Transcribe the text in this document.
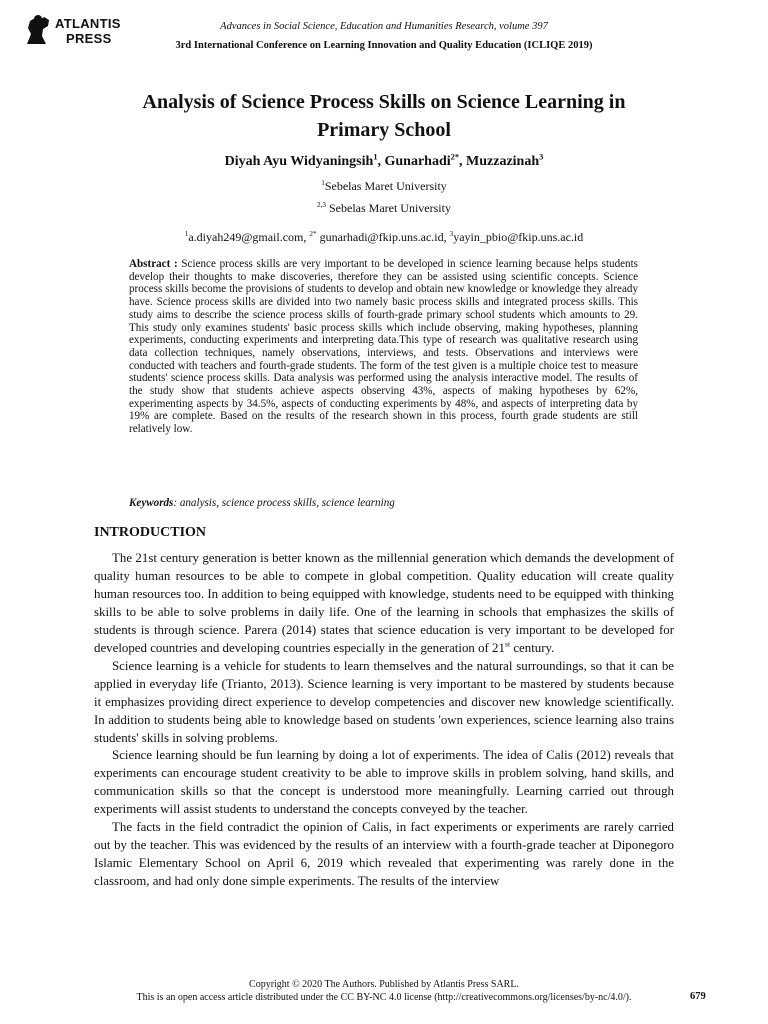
ATLANTIS
PRESS
Advances in Social Science, Education and Humanities Research, volume 397
3rd International Conference on Learning Innovation and Quality Education (ICLIQE 2019)
Analysis of Science Process Skills on Science Learning in
Primary School
Diyah Ayu Widyaningsih$^1$, Gunarhadi$^{2*}$, Muzzazinah$^3$
$^1$Sebelas Maret University
$^{2,3}$ Sebelas Maret University
$^1$a.diyah249@gmail.com, $^{2*}$ gunarhadi@fkip.uns.ac.id, $^3$yayin_pbio@fkip.uns.ac.id

Abstract : Science process skills are very important to be developed in science learning because helps students develop their thoughts to make discoveries, therefore they can be assisted using scientific concepts. Science process skills become the provisions of students to develop and obtain new knowledge or knowledge they already have. Science process skills are divided into two namely basic process skills and integrated process skills. This study aims to describe the science process skills of fourth-grade primary school students which amounts to 29. This study only examines students' basic process skills which include observing, making hypotheses, planning experiments, conducting experiments and interpreting data.This type of research was qualitative research using data collection techniques, namely observations, interviews, and tests. Observations and interviews were conducted with teachers and fourth-grade students. The form of the test given is a multiple choice test to measure students' science process skills. Data analysis was performed using the analysis interactive model. The results of the study show that students achieve aspects observing 43%, aspects of making hypotheses by 62%, experimenting aspects by 34.5%, aspects of conducting experiments by 48%, and aspects of interpreting data by 19% are complete. Based on the results of the research shown in this process, fourth grade students are still relatively low.

Keywords: analysis, science process skills, science learning
INTRODUCTION

The 21st century generation is better known as the millennial generation which demands the development of quality human resources to be able to compete in global competition. Quality education will create quality human resources too. In addition to being equipped with knowledge, students need to be equipped with thinking skills to be able to solve problems in daily life. One of the learning in schools that emphasizes the skills of students is through science. Parera (2014) states that science education is very important to be developed for developed countries and developing countries especially in the generation of 21st century.

Science learning is a vehicle for students to learn themselves and the natural surroundings, so that it can be applied in everyday life (Trianto, 2013). Science learning is very important to be mastered by students because it emphasizes providing direct experience to develop competencies and discover new knowledge scientifically. In addition to students being able to knowledge based on students 'own experiences, science learning also trains students' skills in solving problems.

Science learning should be fun learning by doing a lot of experiments. The idea of Calis (2012) reveals that experiments can encourage student creativity to be able to improve skills in problem solving, hand skills, and communication skills so that the concept is understood more meaningfully. Learning carried out through experiments will assist students to understand the concepts conveyed by the teacher.

The facts in the field contradict the opinion of Calis, in fact experiments or experiments are rarely carried out by the teacher. This was evidenced by the results of an interview with a fourth-grade teacher at Diponegoro Islamic Elementary School on April 6, 2019 which revealed that experimenting was rarely done in the classroom, and had only done simple experiments. The results of the interview

Copyright © 2020 The Authors. Published by Atlantis Press SARL.
This is an open access article distributed under the CC BY-NC 4.0 license (http://creativecommons.org/licenses/by-nc/4.0/).	679
